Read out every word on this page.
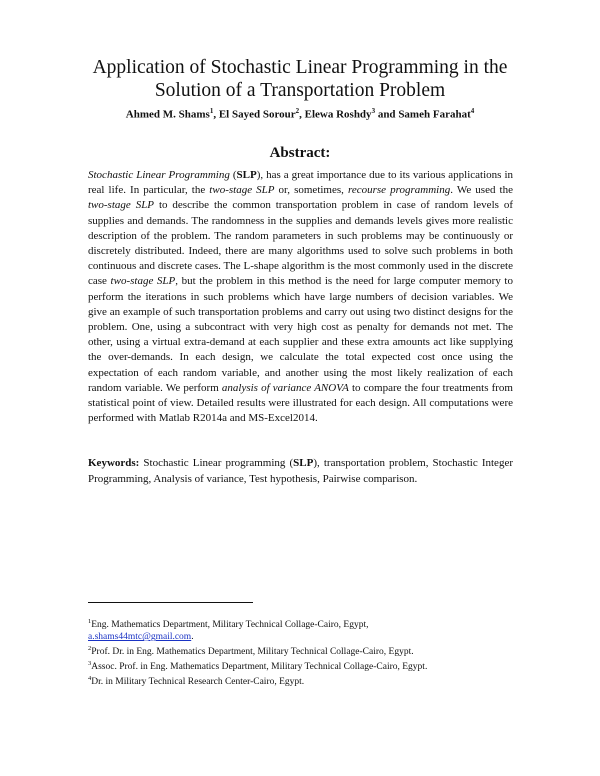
Application of Stochastic Linear Programming in the Solution of a Transportation Problem
Ahmed M. Shams$^1$, El Sayed Sorour$^2$, Elewa Roshdy$^3$ and Sameh Farahat$^4$
Abstract:

Stochastic Linear Programming (SLP), has a great importance due to its various applications in real life. In particular, the two-stage SLP or, sometimes, recourse programming. We used the two-stage SLP to describe the common transportation problem in case of random levels of supplies and demands. The randomness in the supplies and demands levels gives more realistic description of the problem. The random parameters in such problems may be continuously or discretely distributed. Indeed, there are many algorithms used to solve such problems in both continuous and discrete cases. The L-shape algorithm is the most commonly used in the discrete case two-stage SLP, but the problem in this method is the need for large computer memory to perform the iterations in such problems which have large numbers of decision variables. We give an example of such transportation problems and carry out using two distinct designs for the problem. One, using a subcontract with very high cost as penalty for demands not met. The other, using a virtual extra-demand at each supplier and these extra amounts act like supplying the over-demands. In each design, we calculate the total expected cost once using the expectation of each random variable, and another using the most likely realization of each random variable. We perform analysis of variance ANOVA to compare the four treatments from statistical point of view. Detailed results were illustrated for each design. All computations were performed with Matlab R2014a and MS-Excel2014.

Keywords: Stochastic Linear programming (SLP), transportation problem, Stochastic Integer Programming, Analysis of variance, Test hypothesis, Pairwise comparison.

$^1$Eng. Mathematics Department, Military Technical Collage-Cairo, Egypt,
a.shams44mtc@gmail.com.

$^2$Prof. Dr. in Eng. Mathematics Department, Military Technical Collage-Cairo, Egypt.

$^3$Assoc. Prof. in Eng. Mathematics Department, Military Technical Collage-Cairo, Egypt.

$^4$Dr. in Military Technical Research Center-Cairo, Egypt.
